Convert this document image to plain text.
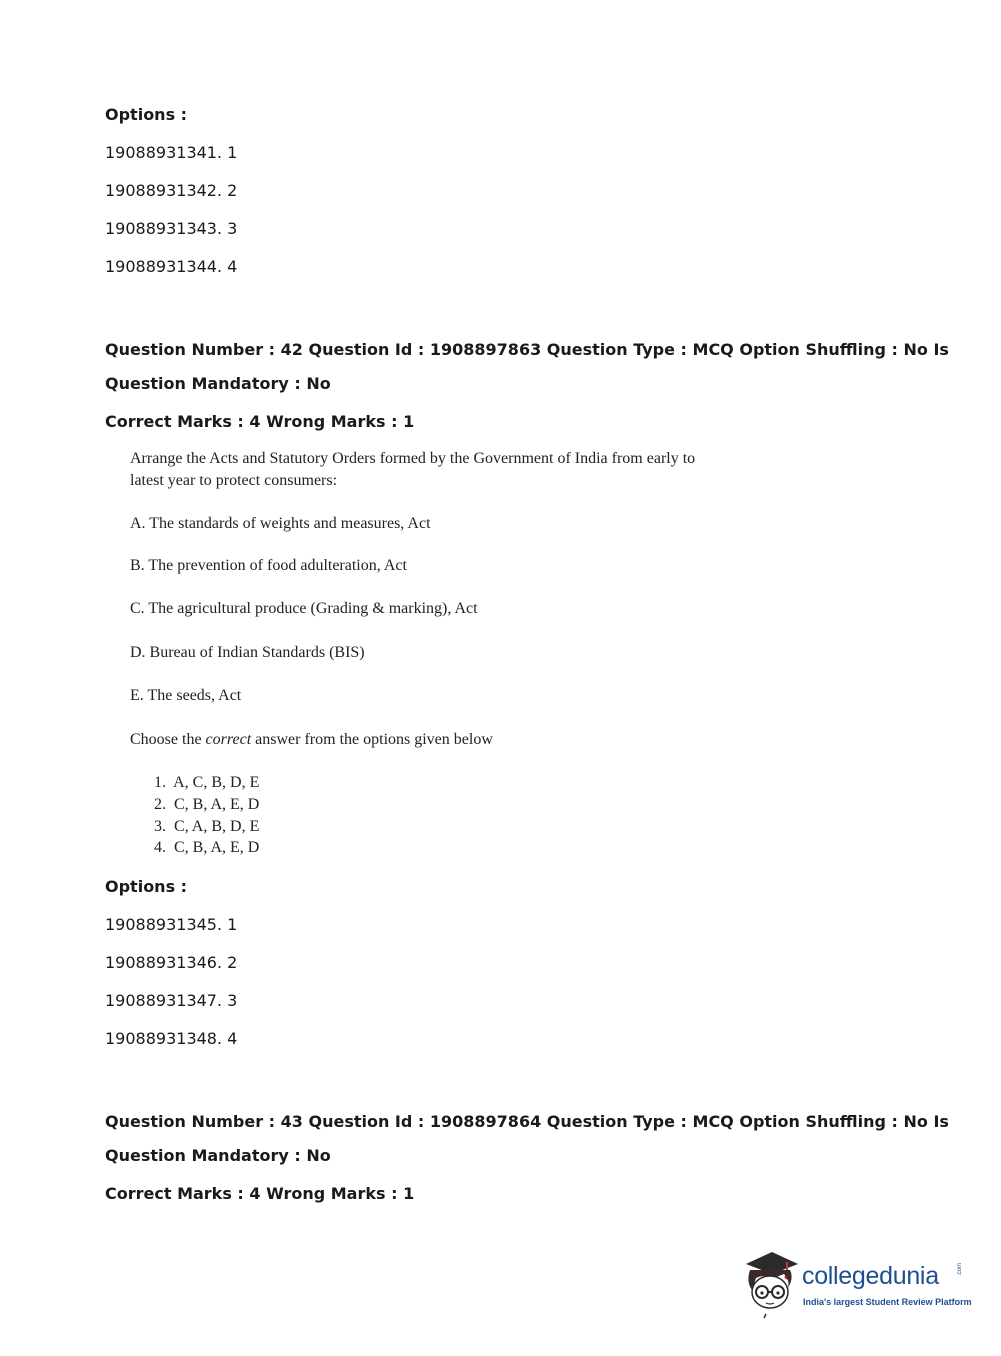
Options :
19088931341. 1
19088931342. 2
19088931343. 3
19088931344. 4
Question Number : 42 Question Id : 1908897863 Question Type : MCQ Option Shuffling : No Is
Question Mandatory : No
Correct Marks : 4 Wrong Marks : 1
Arrange the Acts and Statutory Orders formed by the Government of India from early to
latest year to protect consumers:
A. The standards of weights and measures, Act
B. The prevention of food adulteration, Act
C. The agricultural produce (Grading & marking), Act
D. Bureau of Indian Standards (BIS)
E. The seeds, Act
Choose the correct answer from the options given below
1.  A, C, B, D, E
2.  C, B, A, E, D
3.  C, A, B, D, E
4.  C, B, A, E, D
Options :
19088931345. 1
19088931346. 2
19088931347. 3
19088931348. 4
Question Number : 43 Question Id : 1908897864 Question Type : MCQ Option Shuffling : No Is
Question Mandatory : No
Correct Marks : 4 Wrong Marks : 1
collegedunia	.com
India's largest Student Review Platform
